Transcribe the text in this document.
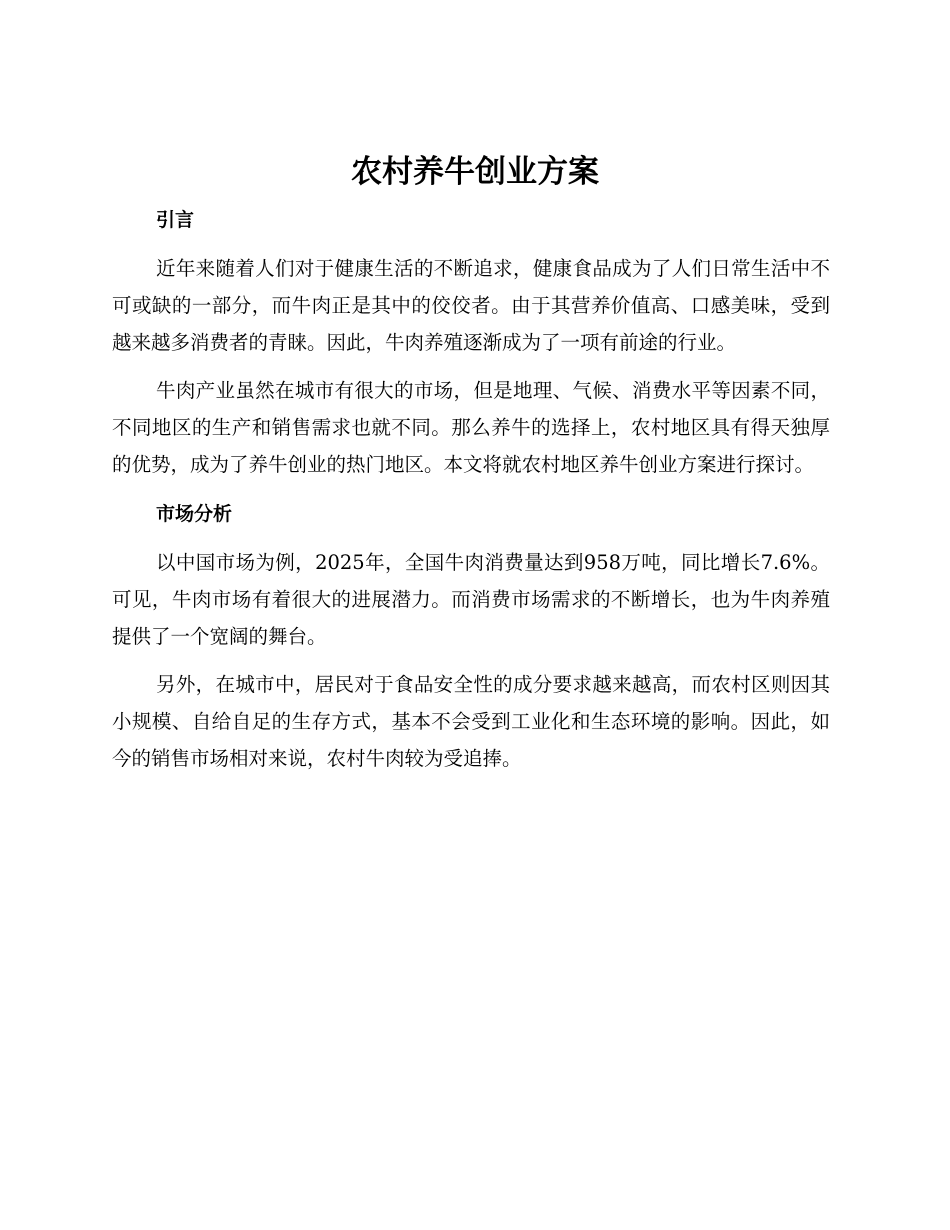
农村养牛创业方案
引言

近年来随着人们对于健康生活的不断追求，健康食品成为了人们日常生活中不可或缺的一部分，而牛肉正是其中的佼佼者。由于其营养价值高、口感美味，受到越来越多消费者的青睐。因此，牛肉养殖逐渐成为了一项有前途的行业。

牛肉产业虽然在城市有很大的市场，但是地理、气候、消费水平等因素不同，不同地区的生产和销售需求也就不同。那么养牛的选择上，农村地区具有得天独厚的优势，成为了养牛创业的热门地区。本文将就农村地区养牛创业方案进行探讨。

市场分析

以中国市场为例，2025年，全国牛肉消费量达到958万吨，同比增长7.6%。可见，牛肉市场有着很大的进展潜力。而消费市场需求的不断增长，也为牛肉养殖提供了一个宽阔的舞台。

另外，在城市中，居民对于食品安全性的成分要求越来越高，而农村区则因其小规模、自给自足的生存方式，基本不会受到工业化和生态环境的影响。因此，如今的销售市场相对来说，农村牛肉较为受追捧。
